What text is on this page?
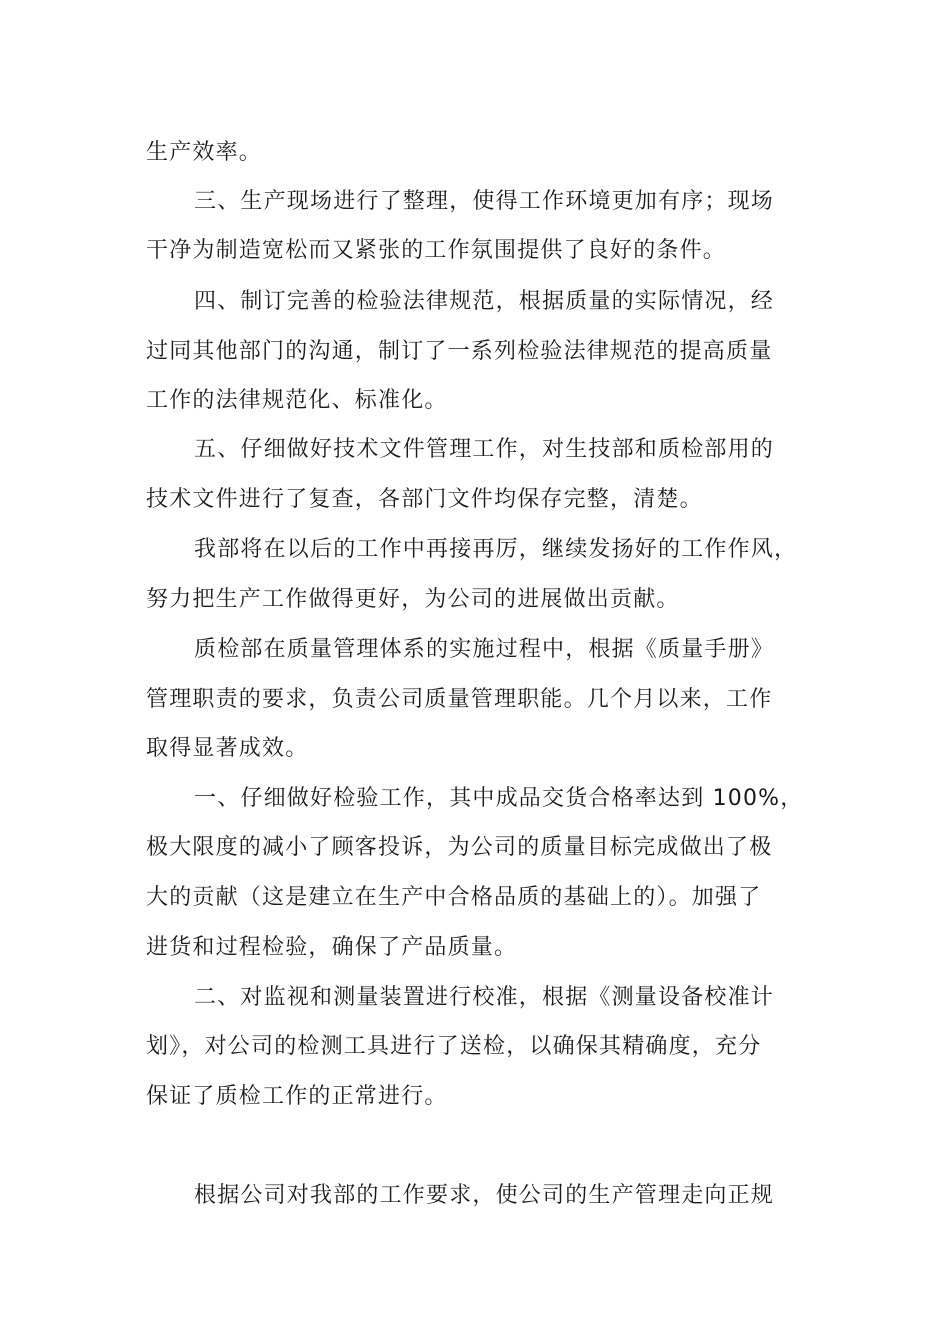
生产效率。
三、生产现场进行了整理，使得工作环境更加有序；现场
干净为制造宽松而又紧张的工作氛围提供了良好的条件。
四、制订完善的检验法律规范，根据质量的实际情况，经
过同其他部门的沟通，制订了一系列检验法律规范的提高质量
工作的法律规范化、标准化。
五、仔细做好技术文件管理工作，对生技部和质检部用的
技术文件进行了复查，各部门文件均保存完整，清楚。
我部将在以后的工作中再接再厉，继续发扬好的工作作风，
努力把生产工作做得更好，为公司的进展做出贡献。
质检部在质量管理体系的实施过程中，根据《质量手册》
管理职责的要求，负责公司质量管理职能。几个月以来，工作
取得显著成效。
一、仔细做好检验工作，其中成品交货合格率达到 100%，
极大限度的减小了顾客投诉，为公司的质量目标完成做出了极
大的贡献（这是建立在生产中合格品质的基础上的）。加强了
进货和过程检验，确保了产品质量。
二、对监视和测量装置进行校准，根据《测量设备校准计
划》，对公司的检测工具进行了送检，以确保其精确度，充分
保证了质检工作的正常进行。
根据公司对我部的工作要求，使公司的生产管理走向正规
